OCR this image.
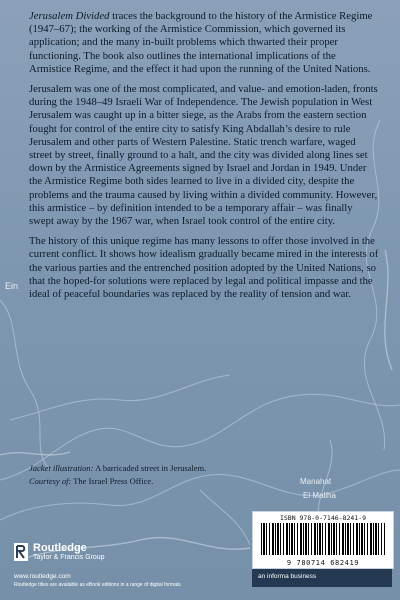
Ein
Manahat
El Maliha

Jerusalem Divided traces the background to the history of the Armistice Regime (1947–67); the working of the Armistice Commission, which governed its application; and the many in-built problems which thwarted their proper functioning. The book also outlines the international implications of the Armistice Regime, and the effect it had upon the running of the United Nations.

Jerusalem was one of the most complicated, and value- and emotion-laden, fronts during the 1948–49 Israeli War of Independence. The Jewish population in West Jerusalem was caught up in a bitter siege, as the Arabs from the eastern section fought for control of the entire city to satisfy King Abdallah’s desire to rule Jerusalem and other parts of Western Palestine. Static trench warfare, waged street by street, finally ground to a halt, and the city was divided along lines set down by the Armistice Agreements signed by Israel and Jordan in 1949. Under the Armistice Regime both sides learned to live in a divided city, despite the problems and the trauma caused by living within a divided community. However, this armistice – by definition intended to be a temporary affair – was finally swept away by the 1967 war, when Israel took control of the entire city.

The history of this unique regime has many lessons to offer those involved in the current conflict. It shows how idealism gradually became mired in the interests of the various parties and the entrenched position adopted by the United Nations, so that the hoped-for solutions were replaced by legal and political impasse and the ideal of peaceful boundaries was replaced by the reality of tension and war.

Jacket illustration: A barricaded street in Jerusalem.
Courtesy of: The Israel Press Office.
Routledge
Taylor & Francis Group
www.routledge.com
Routledge titles are available as eBook editions in a range of digital formats
ISBN 978-0-7146-8241-9
9 780714 682419
an informa business
